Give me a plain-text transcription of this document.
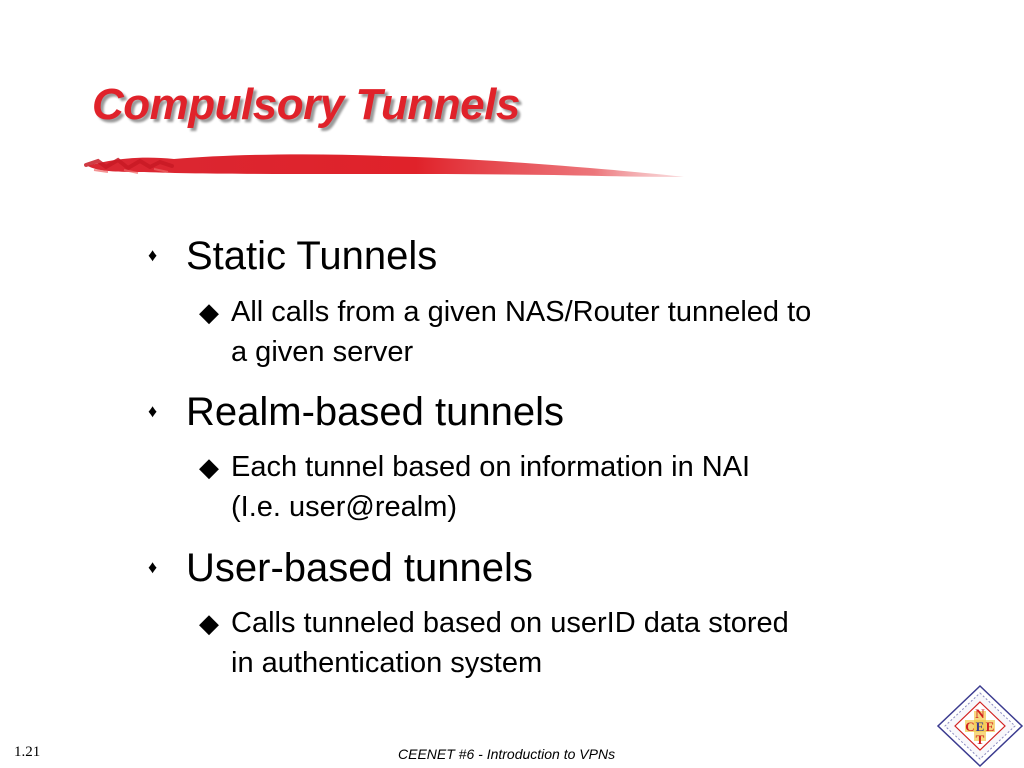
Compulsory Tunnels
♦ Static Tunnels
◆ All calls from a given NAS/Router tunneled to
a given server
♦ Realm-based tunnels
◆ Each tunnel based on information in NAI
(I.e. user@realm)
♦ User-based tunnels
◆ Calls tunneled based on userID data stored
in authentication system
1.21	CEENET #6 - Introduction to VPNs
N
C E E
T
